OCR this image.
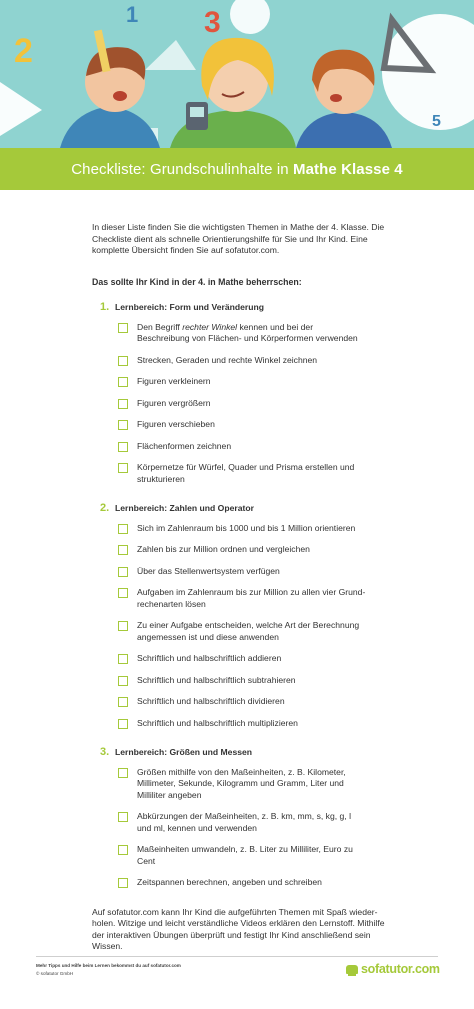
2
1 3
5
Checkliste: Grundschulinhalte in Mathe Klasse 4

In dieser Liste finden Sie die wichtigsten Themen in Mathe der 4. Klasse. Die Checkliste dient als schnelle Orientierungshilfe für Sie und Ihr Kind. Eine komplette Übersicht finden Sie auf sofatutor.com.

Das sollte Ihr Kind in der 4. in Mathe beherrschen:

1. Lernbereich: Form und Veränderung
Den Begriff rechter Winkel kennen und bei der Beschreibung von Flächen- und Körperformen verwenden
Strecken, Geraden und rechte Winkel zeichnen
Figuren verkleinern
Figuren vergrößern
Figuren verschieben
Flächenformen zeichnen
Körpernetze für Würfel, Quader und Prisma erstellen und strukturieren
2. Lernbereich: Zahlen und Operator
Sich im Zahlenraum bis 1000 und bis 1 Million orientieren
Zahlen bis zur Million ordnen und vergleichen
Über das Stellenwertsystem verfügen
Aufgaben im Zahlenraum bis zur Million zu allen vier Grund-rechenarten lösen
Zu einer Aufgabe entscheiden, welche Art der Berechnung angemessen ist und diese anwenden
Schriftlich und halbschriftlich addieren
Schriftlich und halbschriftlich subtrahieren
Schriftlich und halbschriftlich dividieren
Schriftlich und halbschriftlich multiplizieren
3. Lernbereich: Größen und Messen
Größen mithilfe von den Maßeinheiten, z. B. Kilometer, Millimeter, Sekunde, Kilogramm und Gramm, Liter und Milliliter angeben
Abkürzungen der Maßeinheiten, z. B. km, mm, s, kg, g, l und ml, kennen und verwenden
Maßeinheiten umwandeln, z. B. Liter zu Milliliter, Euro zu Cent
Zeitspannen berechnen, angeben und schreiben

Auf sofatutor.com kann Ihr Kind die aufgeführten Themen mit Spaß wieder-holen. Witzige und leicht verständliche Videos erklären den Lernstoff. Mithilfe der interaktiven Übungen überprüft und festigt Ihr Kind anschließend sein Wissen.

Mehr Tipps und Hilfe beim Lernen bekommst du auf sofatutor.com
© sofatutor GmbH	sofatutor.com
